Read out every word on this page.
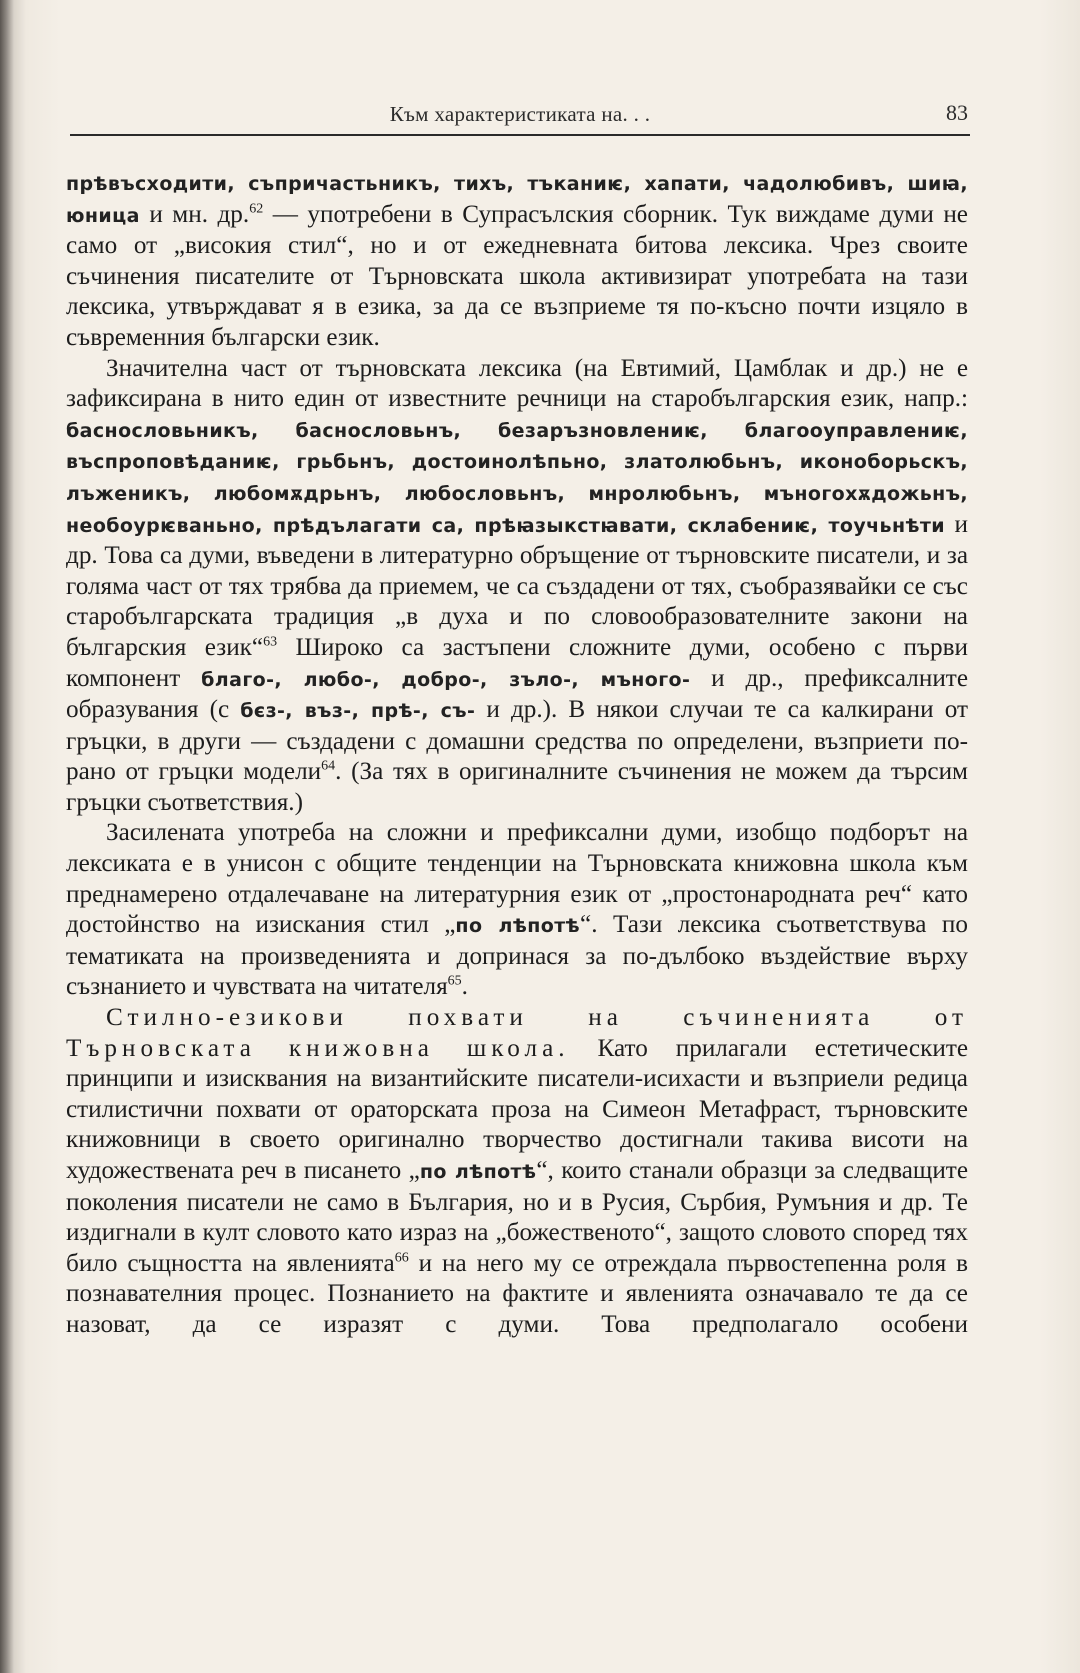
Към характеристиката на. . .	83

прѣвъсходити, съпричастьникъ, тихъ, тъканиѥ, хапати, чадолюбивъ, шиꙗ, юница и мн. др.$^{62}$ — употребени в Супрасълския сборник. Тук виждаме думи не само от „високия стил“, но и от ежедневната битова лексика. Чрез своите съчинения писателите от Търновската школа активизират употребата на тази лексика, утвърждават я в езика, за да се възприеме тя по-късно почти изцяло в съвременния български език.

Значителна част от търновската лексика (на Евтимий, Цамблак и др.) не е зафиксирана в нито един от известните речници на старобългарския език, напр.: баснословьникъ, баснословьнъ, безаръзновлениѥ, благооуправлениѥ, въспроповѣданиѥ, грьбьнъ, достоинолѣпьно, златолюбьнъ, иконоборьскъ, лъженикъ, любомѫдрьнъ, любословьнъ, мнролюбьнъ, мъногохѫдожьнъ, необоурѥваньно, прѣдълагати са, прѣꙗзыкстꙗвати, склабениѥ, тоучьнѣти и др. Това са думи, въведени в литературно обръщение от търновските писатели, и за голяма част от тях трябва да приемем, че са създадени от тях, съобразявайки се със старобългарската традиция „в духа и по словообразователните закони на българския език“$^{63}$ Широко са застъпени сложните думи, особено с първи компонент благо-, любо-, добро-, зъло-, мъного- и др., префиксалните образувания (с бєз-, въз-, прѣ-, съ- и др.). В някои случаи те са калкирани от гръцки, в други — създадени с домашни средства по определени, възприети по-рано от гръцки модели$^{64}$. (За тях в оригиналните съчинения не можем да търсим гръцки съответствия.)

Засилената употреба на сложни и префиксални думи, изобщо подборът на лексиката е в унисон с общите тенденции на Търновската книжовна школа към преднамерено отдалечаване на литературния език от „простонародната реч“ като достойнство на изискания стил „по лѣпотѣ“. Тази лексика съответствува по тематиката на произведенията и допринася за по-дълбоко въздействие върху съзнанието и чувствата на читателя$^{65}$.

Стилно-езикови похвати на съчиненията от Търновската книжовна школа. Като прилагали естетическите принципи и изисквания на византийските писатели-исихасти и възприели редица стилистични похвати от ораторската проза на Симеон Метафраст, търновските книжовници в своето оригинално творчество достигнали такива висоти на художествената реч в писането „по лѣпотѣ“, които станали образци за следващите поколения писатели не само в България, но и в Русия, Сърбия, Румъния и др. Те издигнали в култ словото като израз на „божественото“, защото словото според тях било същността на явленията$^{66}$ и на него му се отреждала първостепенна роля в познавателния процес. Познанието на фактите и явленията означавало те да се назоват, да се изразят с думи. Това предполагало особени
